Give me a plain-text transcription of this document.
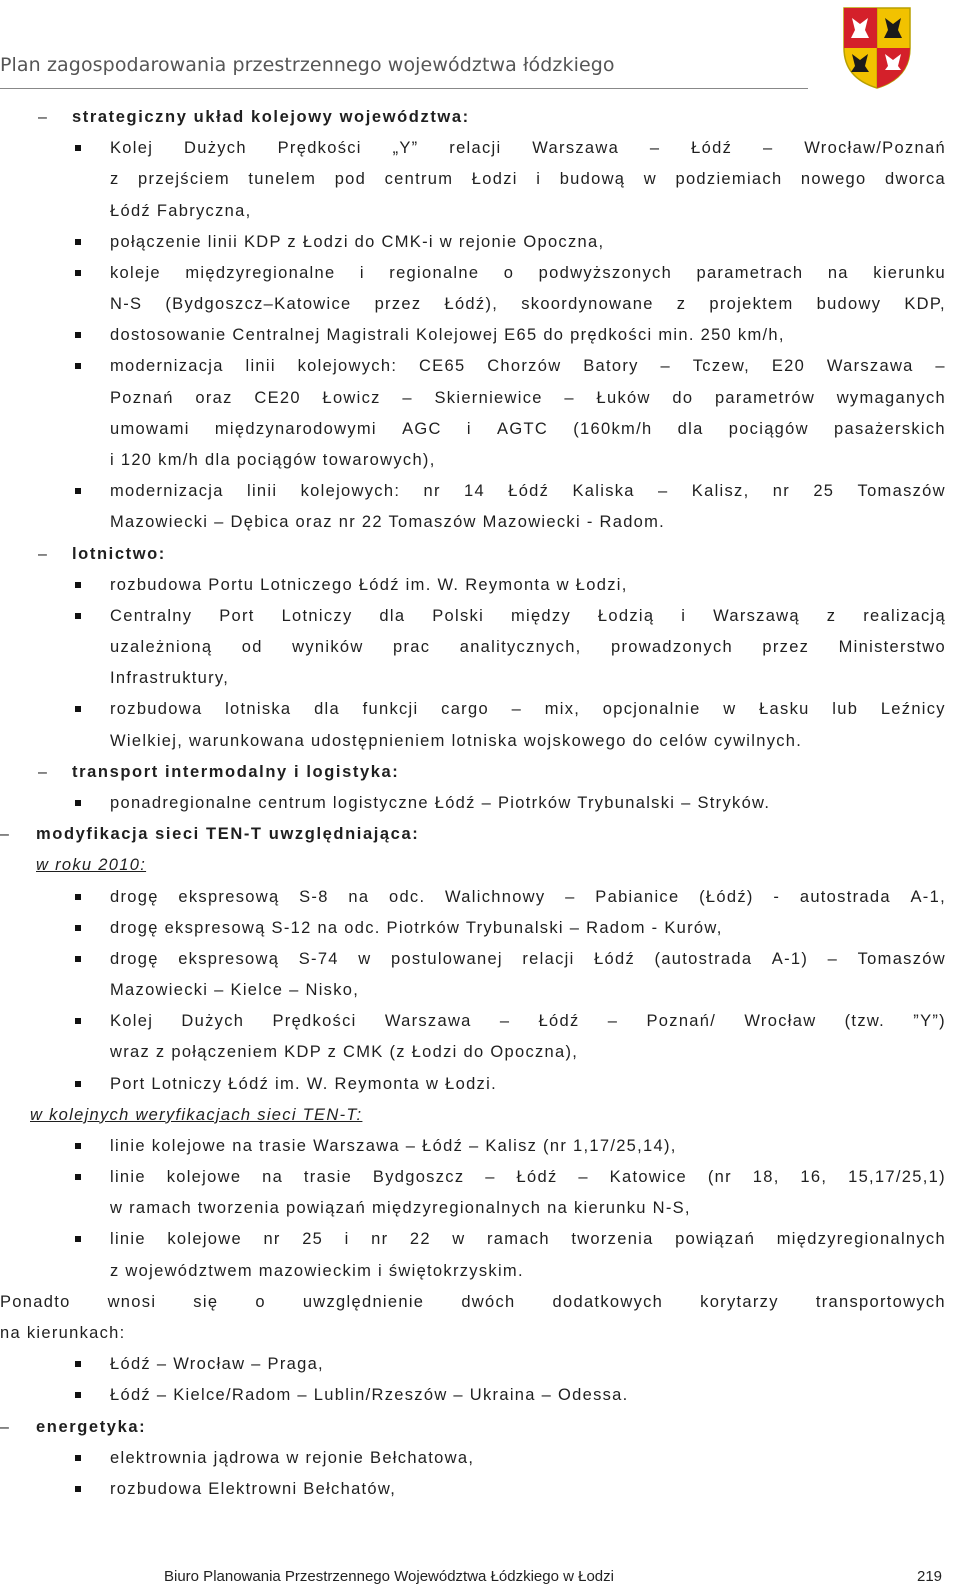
Plan zagospodarowania przestrzennego województwa łódzkiego
– strategiczny układ kolejowy województwa:
Kolej Dużych Prędkości „Y” relacji Warszawa – Łódź – Wrocław/Poznań
z przejściem tunelem pod centrum Łodzi i budową w podziemiach nowego dworca
Łódź Fabryczna,
połączenie linii KDP z Łodzi do CMK-i w rejonie Opoczna,
koleje międzyregionalne i regionalne o podwyższonych parametrach na kierunku
N-S (Bydgoszcz–Katowice przez Łódź), skoordynowane z projektem budowy KDP,
dostosowanie Centralnej Magistrali Kolejowej E65 do prędkości min. 250 km/h,
modernizacja linii kolejowych: CE65 Chorzów Batory – Tczew, E20 Warszawa –
Poznań oraz CE20 Łowicz – Skierniewice – Łuków do parametrów wymaganych
umowami międzynarodowymi AGC i AGTC (160km/h dla pociągów pasażerskich
i 120 km/h dla pociągów towarowych),
modernizacja linii kolejowych: nr 14 Łódź Kaliska – Kalisz, nr 25 Tomaszów
Mazowiecki – Dębica oraz nr 22 Tomaszów Mazowiecki - Radom.
– lotnictwo:
rozbudowa Portu Lotniczego Łódź im. W. Reymonta w Łodzi,
Centralny Port Lotniczy dla Polski między Łodzią i Warszawą z realizacją
uzależnioną od wyników prac analitycznych, prowadzonych przez Ministerstwo
Infrastruktury,
rozbudowa lotniska dla funkcji cargo – mix, opcjonalnie w Łasku lub Leźnicy
Wielkiej, warunkowana udostępnieniem lotniska wojskowego do celów cywilnych.
– transport intermodalny i logistyka:
ponadregionalne centrum logistyczne Łódź – Piotrków Trybunalski – Stryków.
– modyfikacja sieci TEN-T uwzględniająca:
w roku 2010:
drogę ekspresową S-8 na odc. Walichnowy – Pabianice (Łódź) - autostrada A-1,
drogę ekspresową S-12 na odc. Piotrków Trybunalski – Radom - Kurów,
drogę ekspresową S-74 w postulowanej relacji Łódź (autostrada A-1) – Tomaszów
Mazowiecki – Kielce – Nisko,
Kolej Dużych Prędkości Warszawa – Łódź – Poznań/ Wrocław (tzw. ”Y”)
wraz z połączeniem KDP z CMK (z Łodzi do Opoczna),
Port Lotniczy Łódź im. W. Reymonta w Łodzi.
w kolejnych weryfikacjach sieci TEN-T:
linie kolejowe na trasie Warszawa – Łódź – Kalisz (nr 1,17/25,14),
linie kolejowe na trasie Bydgoszcz – Łódź – Katowice (nr 18, 16, 15,17/25,1)
w ramach tworzenia powiązań międzyregionalnych na kierunku N-S,
linie kolejowe nr 25 i nr 22 w ramach tworzenia powiązań międzyregionalnych
z województwem mazowieckim i świętokrzyskim.
Ponadto wnosi się o uwzględnienie dwóch dodatkowych korytarzy transportowych
na kierunkach:
Łódź – Wrocław – Praga,
Łódź – Kielce/Radom – Lublin/Rzeszów – Ukraina – Odessa.
– energetyka:
elektrownia jądrowa w rejonie Bełchatowa,
rozbudowa Elektrowni Bełchatów,
Biuro Planowania Przestrzennego Województwa Łódzkiego w Łodzi	219
